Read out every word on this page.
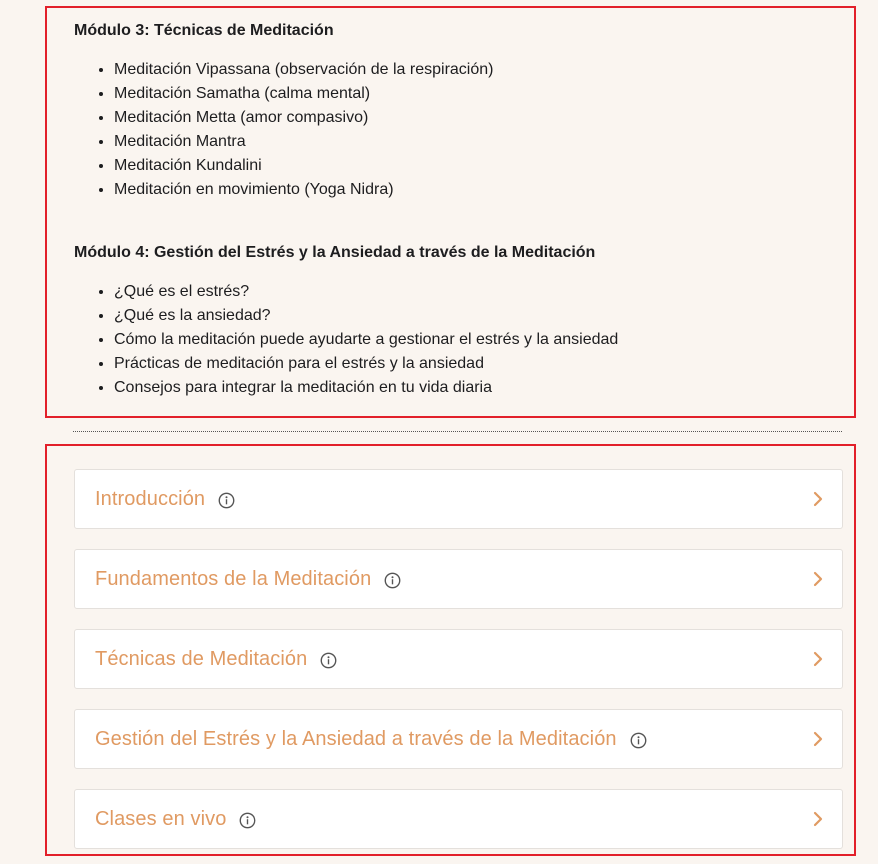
Módulo 3: Técnicas de Meditación
• Meditación Vipassana (observación de la respiración)
• Meditación Samatha (calma mental)
• Meditación Metta (amor compasivo)
• Meditación Mantra
• Meditación Kundalini
• Meditación en movimiento (Yoga Nidra)
Módulo 4: Gestión del Estrés y la Ansiedad a través de la Meditación
• ¿Qué es el estrés?
• ¿Qué es la ansiedad?
• Cómo la meditación puede ayudarte a gestionar el estrés y la ansiedad
• Prácticas de meditación para el estrés y la ansiedad
• Consejos para integrar la meditación en tu vida diaria
Introducción
Fundamentos de la Meditación
Técnicas de Meditación
Gestión del Estrés y la Ansiedad a través de la Meditación
Clases en vivo
